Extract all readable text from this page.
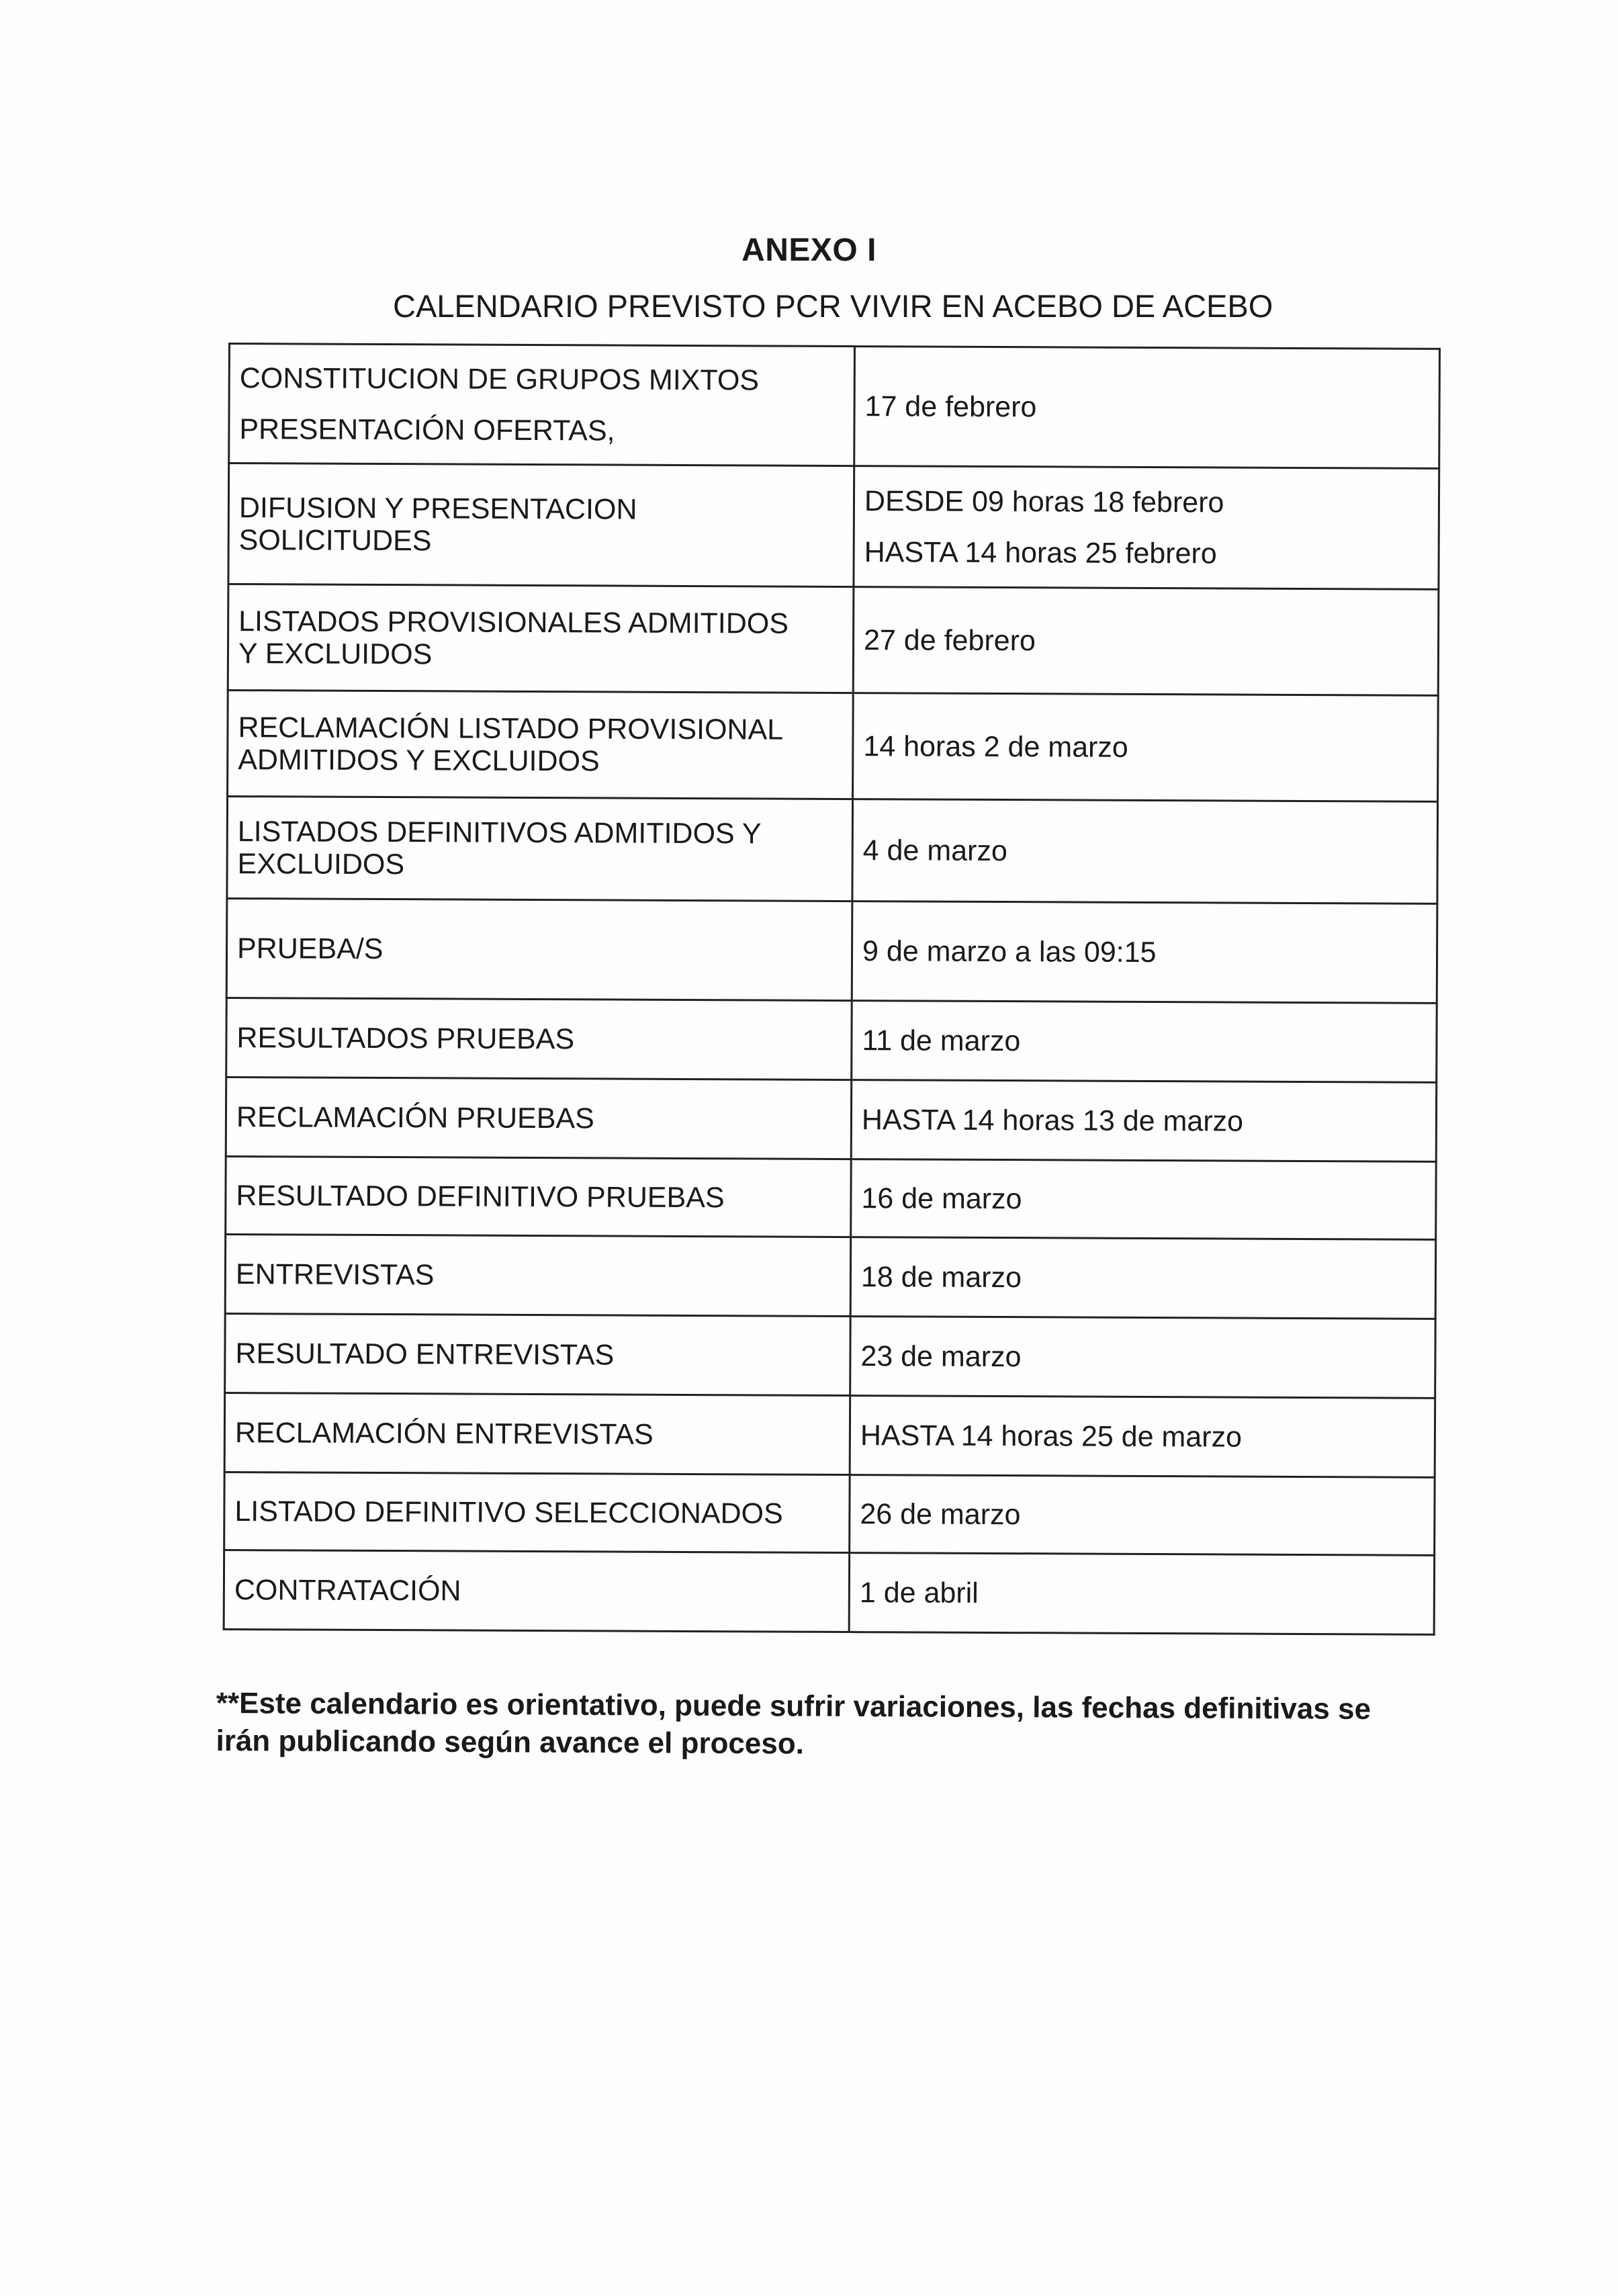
ANEXO I
CALENDARIO PREVISTO PCR VIVIR EN ACEBO DE ACEBO
CONSTITUCION DE GRUPOS MIXTOS
PRESENTACIÓN OFERTAS,	17 de febrero

DIFUSION Y PRESENTACION
SOLICITUDES	DESDE 09 horas 18 febrero
HASTA 14 horas 25 febrero

LISTADOS PROVISIONALES ADMITIDOS
Y EXCLUIDOS	27 de febrero

RECLAMACIÓN LISTADO PROVISIONAL
ADMITIDOS Y EXCLUIDOS	14 horas 2 de marzo

LISTADOS DEFINITIVOS ADMITIDOS Y
EXCLUIDOS	4 de marzo

PRUEBA/S	9 de marzo a las 09:15

RESULTADOS PRUEBAS	11 de marzo

RECLAMACIÓN PRUEBAS	HASTA 14 horas 13 de marzo

RESULTADO DEFINITIVO PRUEBAS	16 de marzo

ENTREVISTAS	18 de marzo

RESULTADO ENTREVISTAS	23 de marzo

RECLAMACIÓN ENTREVISTAS	HASTA 14 horas 25 de marzo

LISTADO DEFINITIVO SELECCIONADOS	26 de marzo

CONTRATACIÓN	1 de abril
**Este calendario es orientativo, puede sufrir variaciones, las fechas definitivas se irán publicando según avance el proceso.
